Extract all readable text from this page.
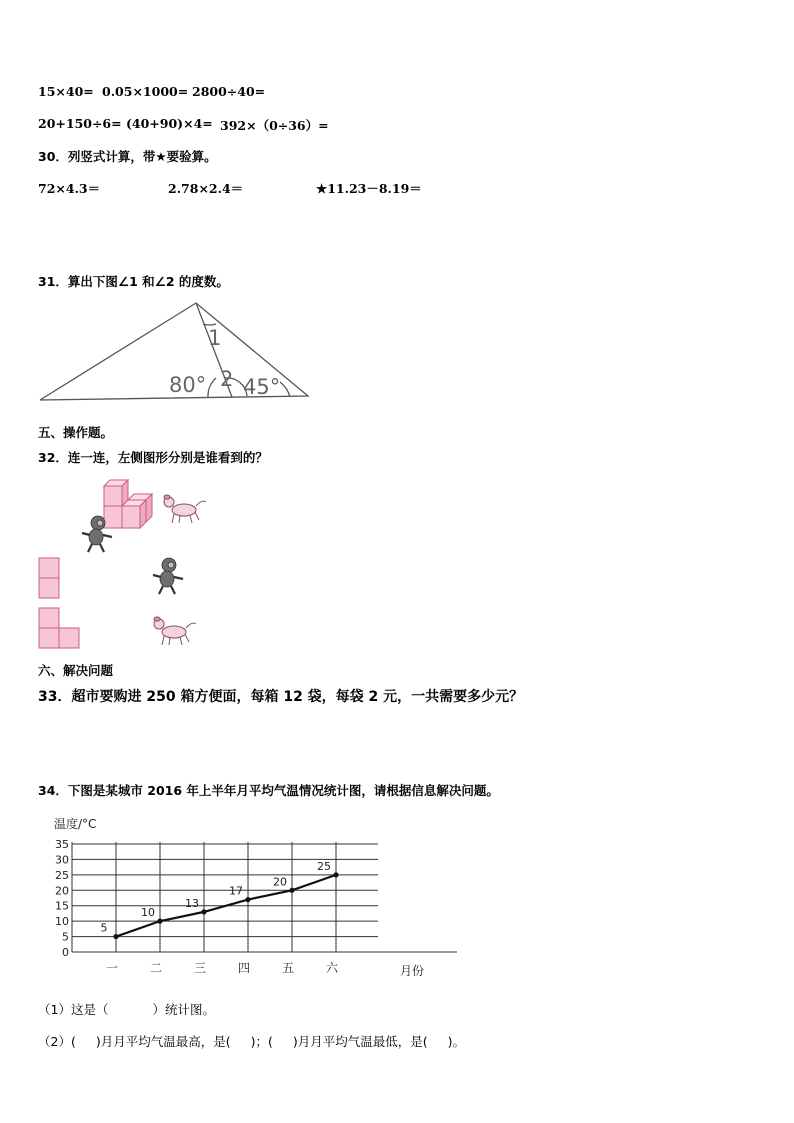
15×40= 0.05×1000= 2800÷40=
20+150÷6= (40+90)×4= 392×（0÷36）=
30．列竖式计算，带★要验算。
72×4.3＝	2.78×2.4＝	★11.23－8.19＝
31．算出下图∠1 和∠2 的度数。
1
2
80° 45°
五、操作题。
32．连一连，左侧图形分别是谁看到的？
六、解决问题
33．超市要购进 250 箱方便面，每箱 12 袋，每袋 2 元，一共需要多少元？
34．下图是某城市 2016 年上半年月平均气温情况统计图，请根据信息解决问题。
温度/°C
0
5
10
15
20
25
30
35
5
10
13
17
20
25
一	二	三	四	五	六	月份
（1）这是（	）统计图。
（2）( )月月平均气温最高，是( )；( )月月平均气温最低，是( )。
